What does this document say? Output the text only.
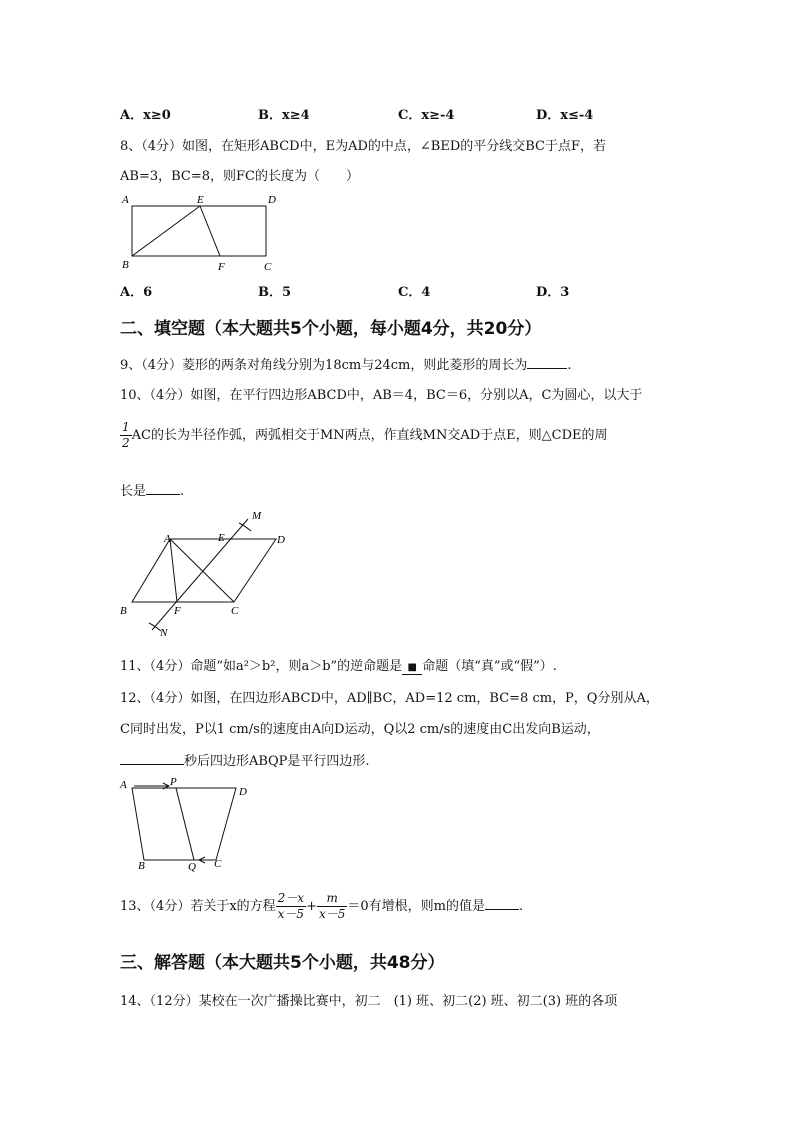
A．x≥0	B．x≥4	C．x≥-4	D．x≤-4
8、（4分）如图，在矩形ABCD中，E为AD的中点，∠BED的平分线交BC于点F，若
AB=3，BC=8，则FC的长度为（　　）
A	E	D
B	F	C
A．6	B．5	C．4	D．3
二、填空题（本大题共5个小题，每小题4分，共20分）
9、（4分）菱形的两条对角线分别为18cm与24cm，则此菱形的周长为	.
10、（4分）如图，在平行四边形ABCD中，AB＝4，BC＝6，分别以A，C为圆心，以大于
$\frac{1}{2}$ AC的长为半径作弧，两弧相交于MN两点，作直线MN交AD于点E，则△CDE的周
长是	.
M
A	E	D
B	F	C
N
11、（4分）命题“如a²＞b²，则a＞b”的逆命题是 ■ 命题（填“真”或“假”）.
12、（4分）如图，在四边形ABCD中，AD∥BC，AD=12 cm，BC=8 cm，P，Q分别从A，
C同时出发，P以1 cm/s的速度由A向D运动，Q以2 cm/s的速度由C出发向B运动，
秒后四边形ABQP是平行四边形.
A	P
D
B	Q C
13、（4分）若关于x的方程 $\frac{2-x}{x-5} + \frac{m}{x-5} =0$有增根，则m的值是	.
三、解答题（本大题共5个小题，共48分）
14、（12分）某校在一次广播操比赛中，初二　(1) 班、初二(2) 班、初二(3) 班的各项
